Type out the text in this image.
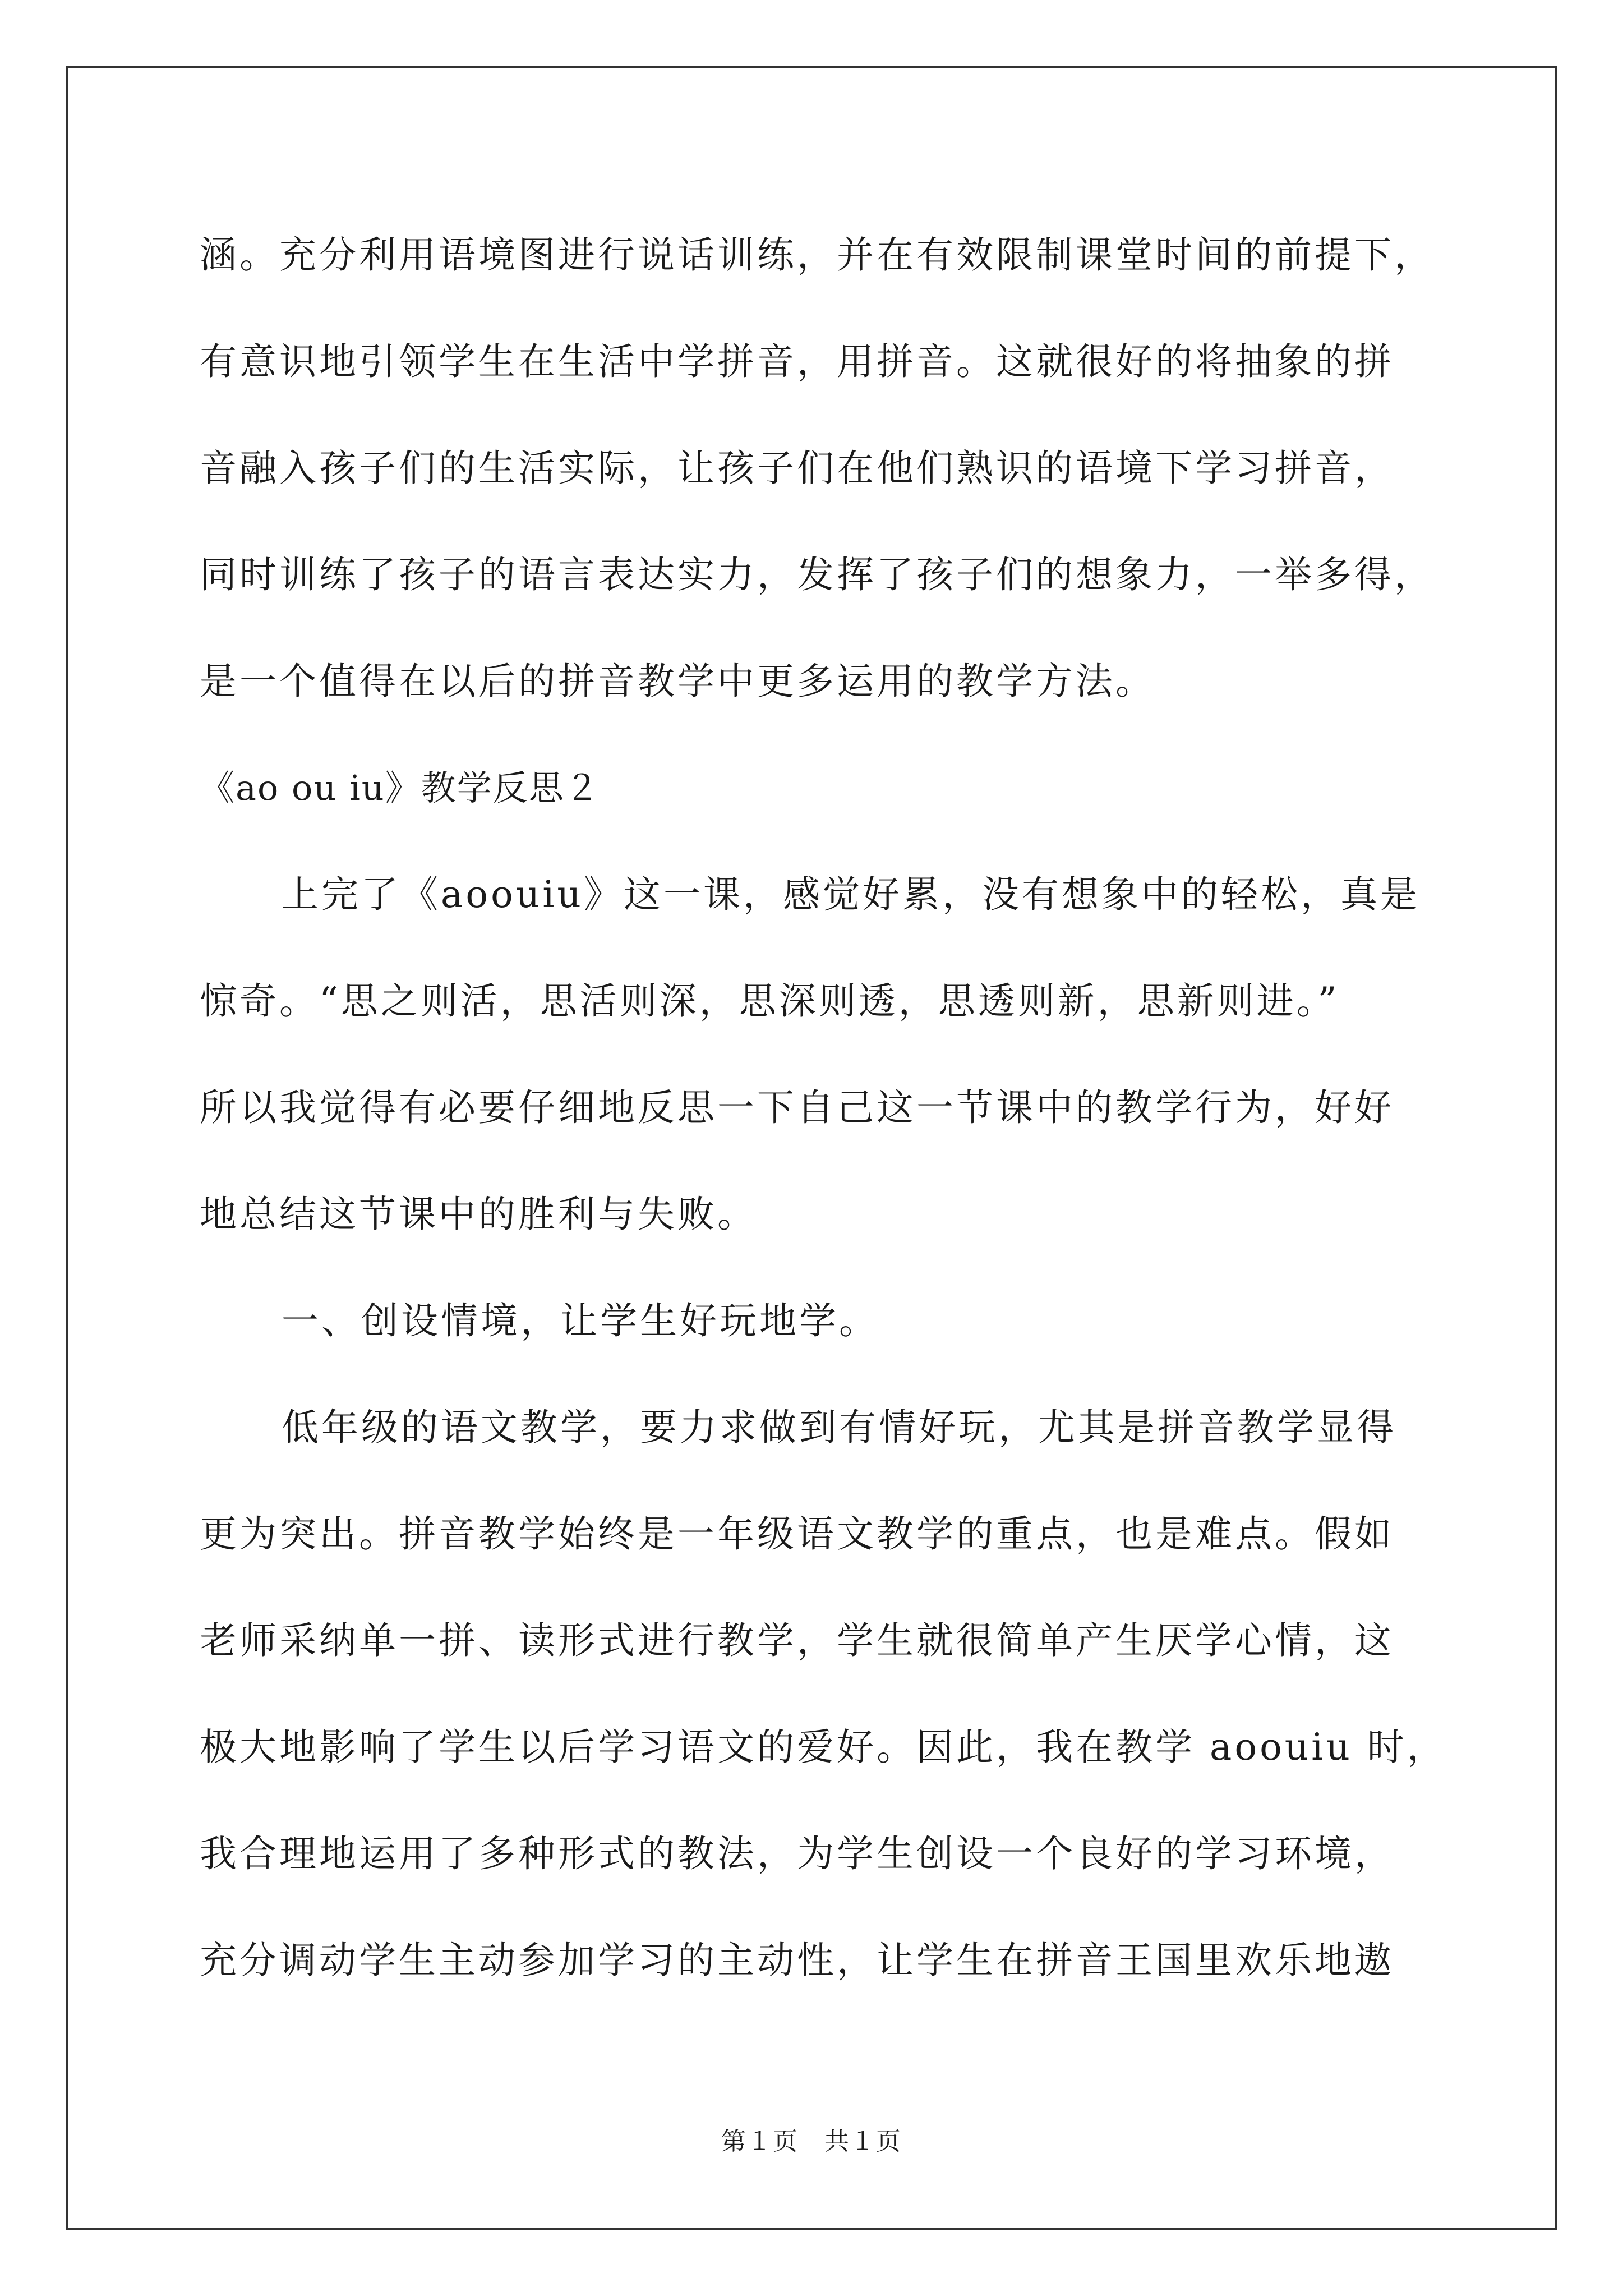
涵。充分利用语境图进行说话训练，并在有效限制课堂时间的前提下，
有意识地引领学生在生活中学拼音，用拼音。这就很好的将抽象的拼
音融入孩子们的生活实际，让孩子们在他们熟识的语境下学习拼音，
同时训练了孩子的语言表达实力，发挥了孩子们的想象力，一举多得，
是一个值得在以后的拼音教学中更多运用的教学方法。
《ao ou iu》教学反思２
上完了《aoouiu》这一课，感觉好累，没有想象中的轻松，真是
惊奇。“思之则活，思活则深，思深则透，思透则新，思新则进。”
所以我觉得有必要仔细地反思一下自己这一节课中的教学行为，好好
地总结这节课中的胜利与失败。
一、创设情境，让学生好玩地学。
低年级的语文教学，要力求做到有情好玩，尤其是拼音教学显得
更为突出。拼音教学始终是一年级语文教学的重点，也是难点。假如
老师采纳单一拼、读形式进行教学，学生就很简单产生厌学心情，这
极大地影响了学生以后学习语文的爱好。因此，我在教学 aoouiu 时，
我合理地运用了多种形式的教法，为学生创设一个良好的学习环境，
充分调动学生主动参加学习的主动性，让学生在拼音王国里欢乐地遨
第１页　共１页
